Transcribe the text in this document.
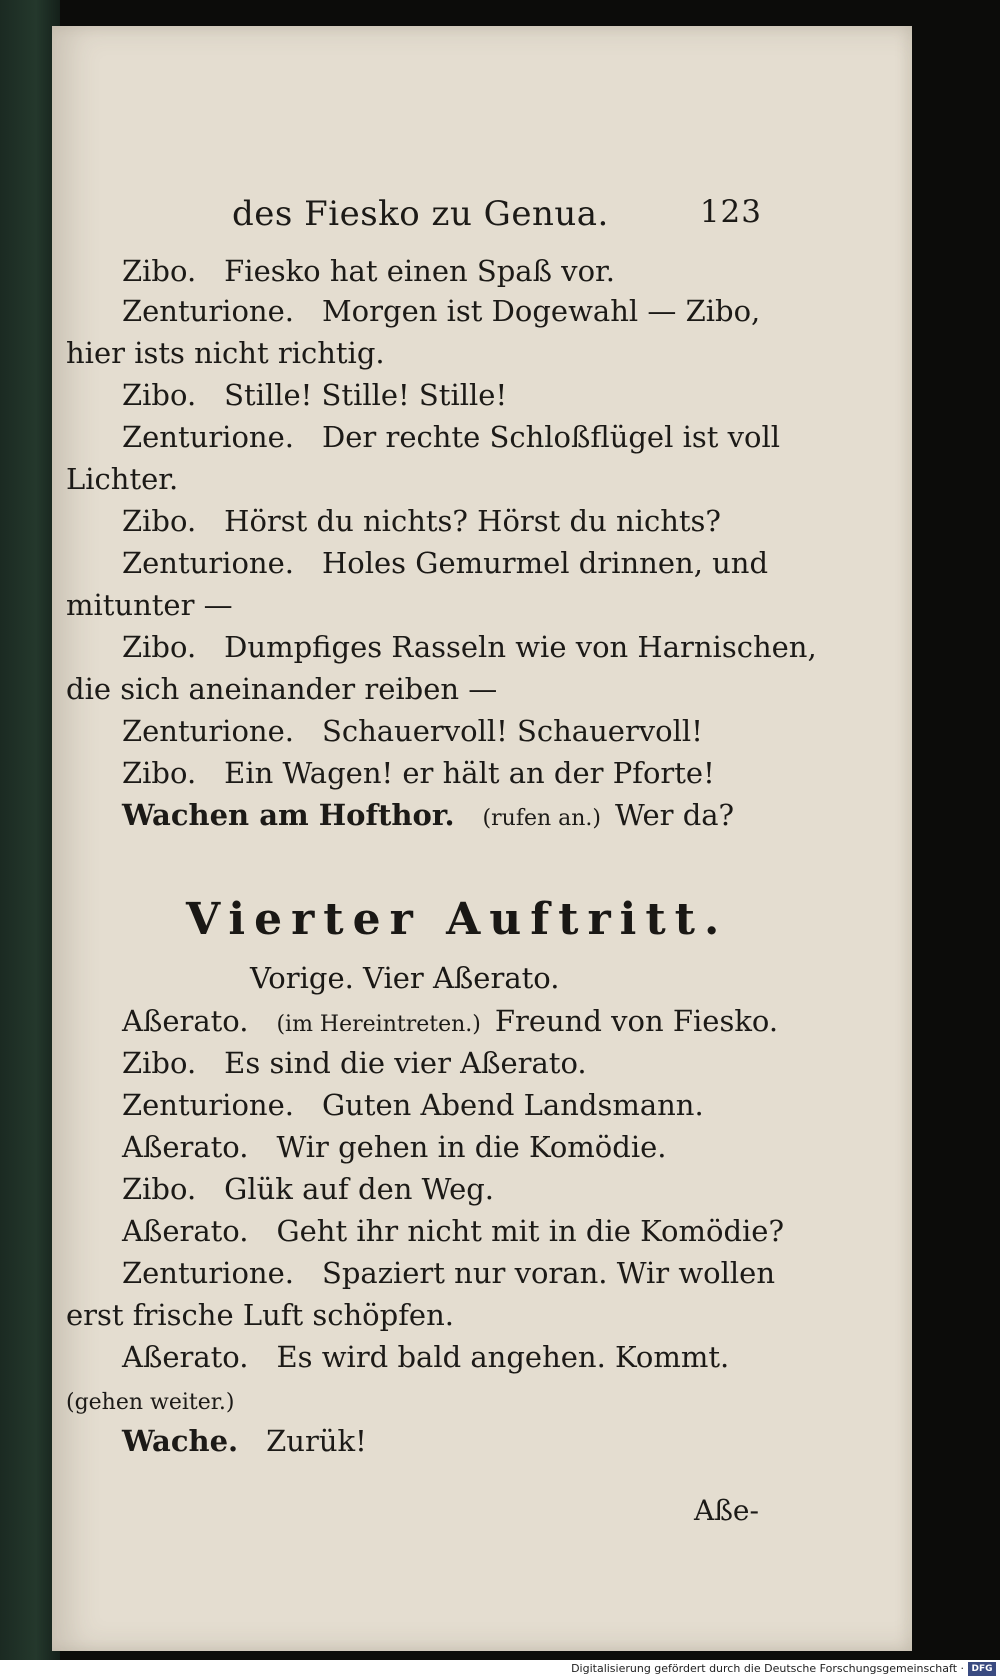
des Fiesko zu Genua.	123

Zibo. Fiesko hat einen Spaß vor.

Zenturione. Morgen ist Dogewahl — Zibo,

hier ists nicht richtig.

Zibo. Stille! Stille! Stille!

Zenturione. Der rechte Schloßflügel ist voll

Lichter.

Zibo. Hörst du nichts? Hörst du nichts?

Zenturione. Holes Gemurmel drinnen, und

mitunter —

Zibo. Dumpfiges Rasseln wie von Harnischen,

die sich aneinander reiben —

Zenturione. Schauervoll! Schauervoll!

Zibo. Ein Wagen! er hält an der Pforte!

Wachen am Hofthor. (rufen an.) Wer da?

Vierter Auftritt.

Vorige. Vier Aßerato.

Aßerato. (im Hereintreten.) Freund von Fiesko.

Zibo. Es sind die vier Aßerato.

Zenturione. Guten Abend Landsmann.

Aßerato. Wir gehen in die Komödie.

Zibo. Glük auf den Weg.

Aßerato. Geht ihr nicht mit in die Komödie?

Zenturione. Spaziert nur voran. Wir wollen

erst frische Luft schöpfen.

Aßerato. Es wird bald angehen. Kommt.

(gehen weiter.)

Wache. Zurük!

Aße-

Digitalisierung gefördert durch die Deutsche Forschungsgemeinschaft · DFG
